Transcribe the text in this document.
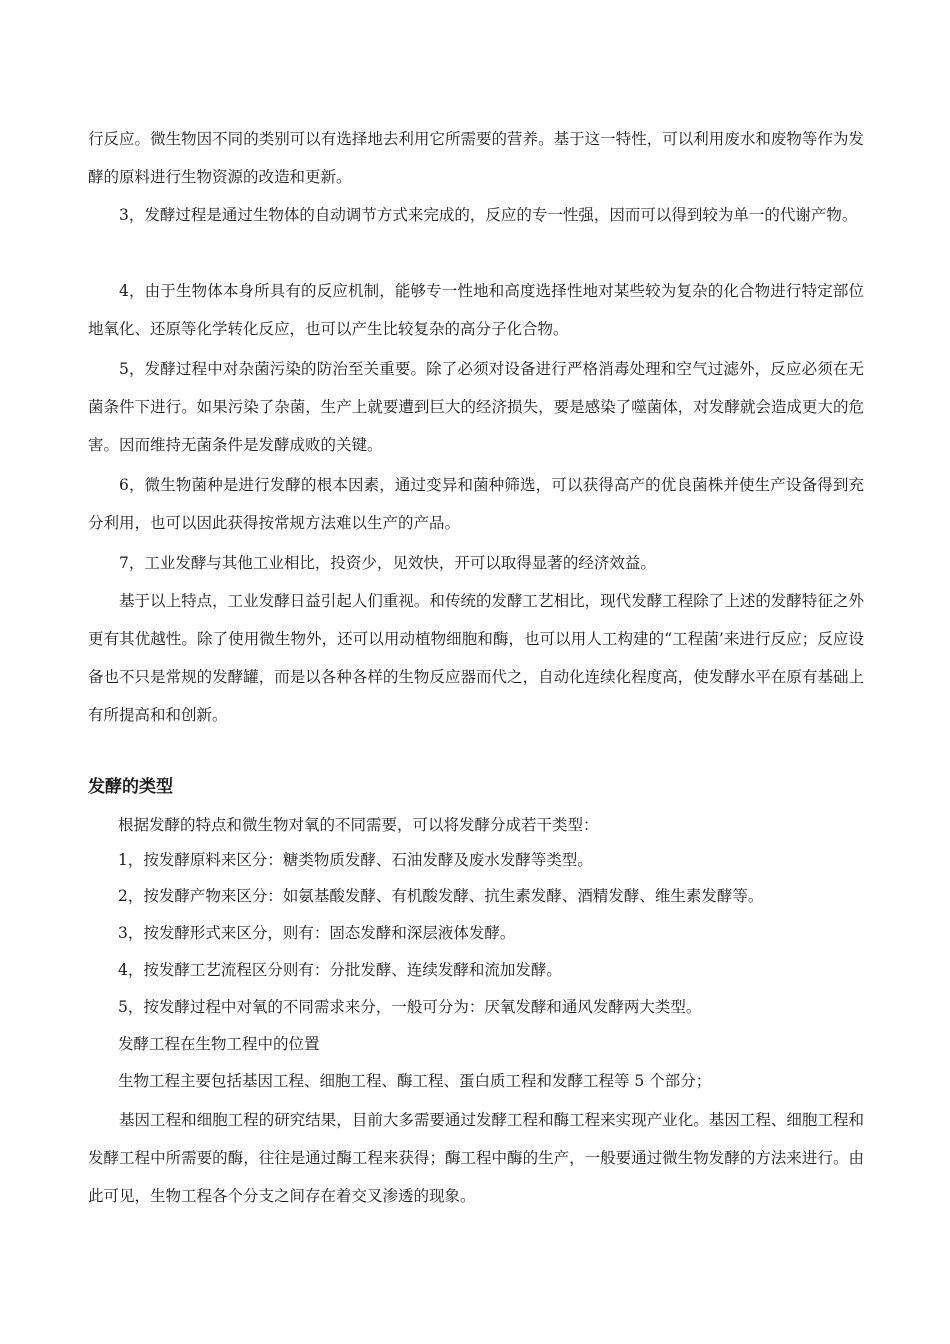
行反应。微生物因不同的类别可以有选择地去利用它所需要的营养。基于这一特性，可以利用废水和废物等作为发酵的原料进行生物资源的改造和更新。

3，发酵过程是通过生物体的自动调节方式来完成的，反应的专一性强，因而可以得到较为单一的代谢产物。

4，由于生物体本身所具有的反应机制，能够专一性地和高度选择性地对某些较为复杂的化合物进行特定部位地氧化、还原等化学转化反应，也可以产生比较复杂的高分子化合物。

5，发酵过程中对杂菌污染的防治至关重要。除了必须对设备进行严格消毒处理和空气过滤外，反应必须在无菌条件下进行。如果污染了杂菌，生产上就要遭到巨大的经济损失，要是感染了噬菌体，对发酵就会造成更大的危害。因而维持无菌条件是发酵成败的关键。

6，微生物菌种是进行发酵的根本因素，通过变异和菌种筛选，可以获得高产的优良菌株并使生产设备得到充分利用，也可以因此获得按常规方法难以生产的产品。

7，工业发酵与其他工业相比，投资少，见效快，开可以取得显著的经济效益。

基于以上特点，工业发酵日益引起人们重视。和传统的发酵工艺相比，现代发酵工程除了上述的发酵特征之外更有其优越性。除了使用微生物外，还可以用动植物细胞和酶，也可以用人工构建的“工程菌’来进行反应；反应设备也不只是常规的发酵罐，而是以各种各样的生物反应器而代之，自动化连续化程度高，使发酵水平在原有基础上有所提高和和创新。

发酵的类型

根据发酵的特点和微生物对氧的不同需要，可以将发酵分成若干类型：

1，按发酵原料来区分：糖类物质发酵、石油发酵及废水发酵等类型。

2，按发酵产物来区分：如氨基酸发酵、有机酸发酵、抗生素发酵、酒精发酵、维生素发酵等。

3，按发酵形式来区分，则有：固态发酵和深层液体发酵。

4，按发酵工艺流程区分则有：分批发酵、连续发酵和流加发酵。

5，按发酵过程中对氧的不同需求来分，一般可分为：厌氧发酵和通风发酵两大类型。

发酵工程在生物工程中的位置

生物工程主要包括基因工程、细胞工程、酶工程、蛋白质工程和发酵工程等 5 个部分；

基因工程和细胞工程的研究结果，目前大多需要通过发酵工程和酶工程来实现产业化。基因工程、细胞工程和发酵工程中所需要的酶，往往是通过酶工程来获得；酶工程中酶的生产，一般要通过微生物发酵的方法来进行。由此可见，生物工程各个分支之间存在着交叉渗透的现象。
